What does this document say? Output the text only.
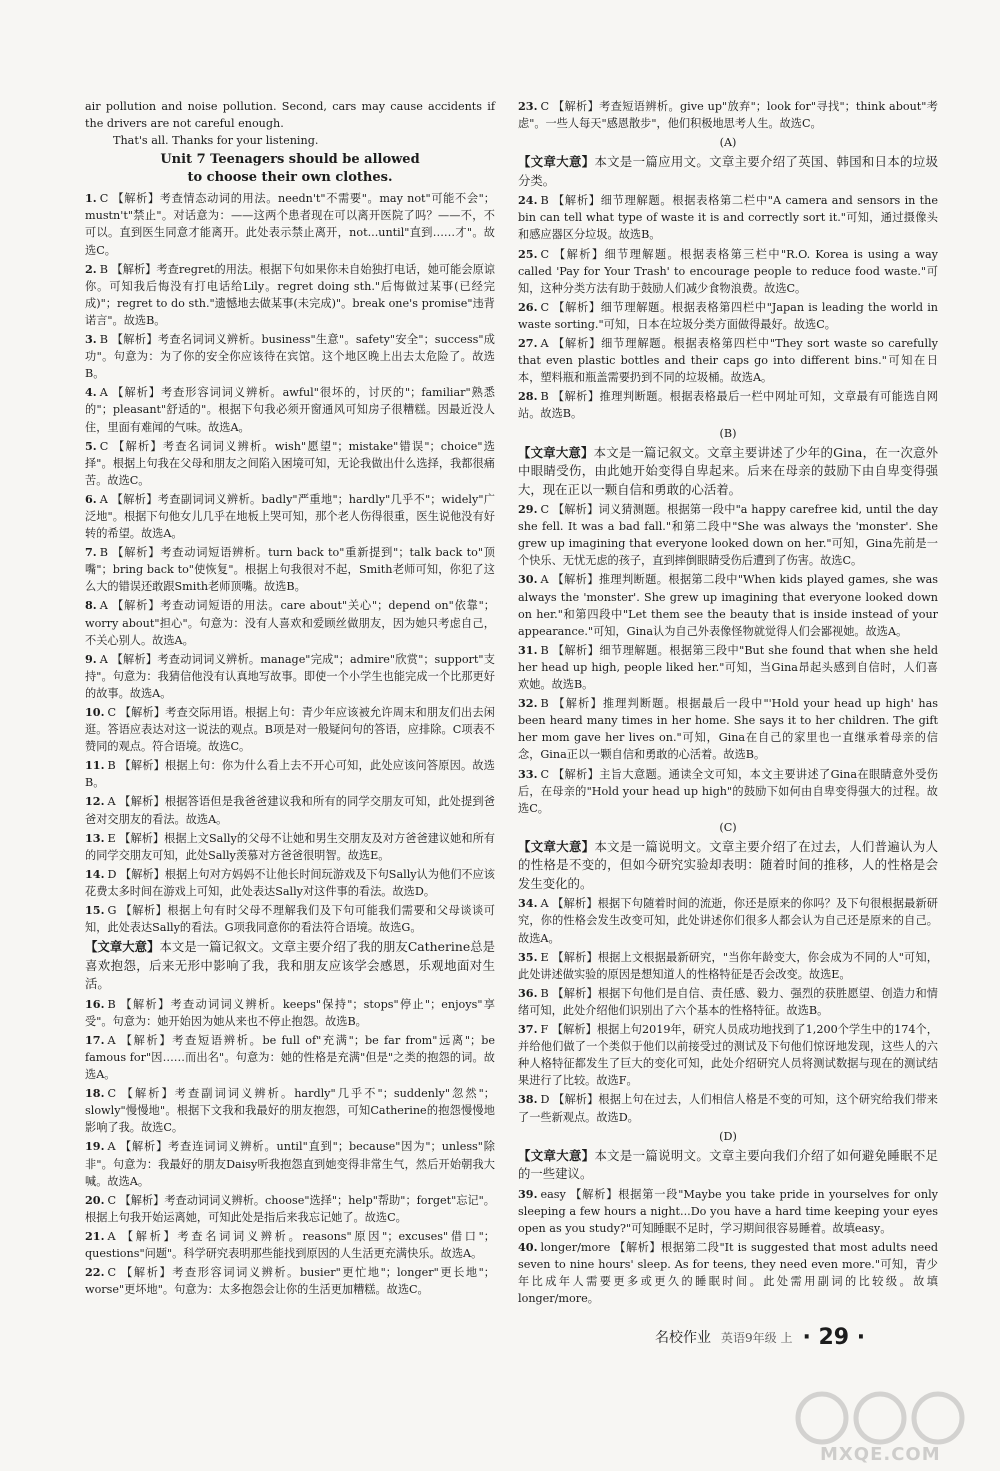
air pollution and noise pollution. Second, cars may cause accidents if the drivers are not careful enough.

That's all. Thanks for your listening.

Unit 7 Teenagers should be allowed
to choose their own clothes.
1. C 【解析】考查情态动词的用法。needn't"不需要"。may not"可能不会"；mustn't"禁止"。对话意为：——这两个患者现在可以离开医院了吗？——不，不可以。直到医生同意才能离开。此处表示禁止离开，not...until"直到……才"。故选C。
2. B 【解析】考查regret的用法。根据下句如果你未自始独打电话，她可能会原谅你。可知我后悔没有打电话给Lily。regret doing sth."后悔做过某事(已经完成)"；regret to do sth."遗憾地去做某事(未完成)"。break one's promise"违背诺言"。故选B。
3. B 【解析】考查名词词义辨析。business"生意"。safety"安全"；success"成功"。句意为：为了你的安全你应该待在宾馆。这个地区晚上出去太危险了。故选B。
4. A 【解析】考查形容词词义辨析。awful"很坏的，讨厌的"；familiar"熟悉的"；pleasant"舒适的"。根据下句我必须开窗通风可知房子很糟糕。因最近没人住，里面有难闻的气味。故选A。
5. C 【解析】考查名词词义辨析。wish"愿望"；mistake"错误"；choice"选择"。根据上句我在父母和朋友之间陷入困境可知，无论我做出什么选择，我都很痛苦。故选C。
6. A 【解析】考查副词词义辨析。badly"严重地"；hardly"几乎不"；widely"广泛地"。根据下句他女儿几乎在地板上哭可知，那个老人伤得很重，医生说他没有好转的希望。故选A。
7. B 【解析】考查动词短语辨析。turn back to"重新提到"；talk back to"顶嘴"；bring back to"使恢复"。根据上句我很对不起，Smith老师可知，你犯了这么大的错误还敢跟Smith老师顶嘴。故选B。
8. A 【解析】考查动词短语的用法。care about"关心"；depend on"依靠"；worry about"担心"。句意为：没有人喜欢和爱顾丝做朋友，因为她只考虑自己，不关心别人。故选A。
9. A 【解析】考查动词词义辨析。manage"完成"；admire"欣赏"；support"支持"。句意为：我猜信他没有认真地写故事。即使一个小学生也能完成一个比那更好的故事。故选A。
10. C 【解析】考查交际用语。根据上句：青少年应该被允许周末和朋友们出去闲逛。答语应表达对这一说法的观点。B项是对一般疑问句的答语，应排除。C项表不赞同的观点。符合语境。故选C。
11. B 【解析】根据上句：你为什么看上去不开心可知，此处应该问答原因。故选B。
12. A 【解析】根据答语但是我爸爸建议我和所有的同学交朋友可知，此处提到爸爸对交朋友的看法。故选A。
13. E 【解析】根据上文Sally的父母不让她和男生交朋友及对方爸爸建议她和所有的同学交朋友可知，此处Sally羡慕对方爸爸很明智。故选E。
14. D 【解析】根据上句对方妈妈不让他长时间玩游戏及下句Sally认为他们不应该花费太多时间在游戏上可知，此处表达Sally对这件事的看法。故选D。
15. G 【解析】根据上句有时父母不理解我们及下句可能我们需要和父母谈谈可知，此处表达Sally的看法。G项我同意你的看法符合语境。故选G。
【文章大意】本文是一篇记叙文。文章主要介绍了我的朋友Catherine总是喜欢抱怨，后来无形中影响了我，我和朋友应该学会感恩，乐观地面对生活。
16. B 【解析】考查动词词义辨析。keeps"保持"；stops"停止"；enjoys"享受"。句意为：她开始因为她从来也不停止抱怨。故选B。
17. A 【解析】考查短语辨析。be full of"充满"；be far from"远离"；be famous for"因……而出名"。句意为：她的性格是充满"但是"之类的抱怨的词。故选A。
18. C 【解析】考查副词词义辨析。hardly"几乎不"；suddenly"忽然"；slowly"慢慢地"。根据下文我和我最好的朋友抱怨，可知Catherine的抱怨慢慢地影响了我。故选C。
19. A 【解析】考查连词词义辨析。until"直到"；because"因为"；unless"除非"。句意为：我最好的朋友Daisy听我抱怨直到她变得非常生气，然后开始朝我大喊。故选A。
20. C 【解析】考查动词词义辨析。choose"选择"；help"帮助"；forget"忘记"。根据上句我开始运离她，可知此处是指后来我忘记她了。故选C。
21. A 【解析】考查名词词义辨析。reasons"原因"；excuses"借口"；questions"问题"。科学研究表明那些能找到原因的人生活更充满快乐。故选A。
22. C 【解析】考查形容词词义辨析。busier"更忙地"；longer"更长地"；worse"更坏地"。句意为：太多抱怨会让你的生活更加糟糕。故选C。
23. C 【解析】考查短语辨析。give up"放弃"；look for"寻找"；think about"考虑"。一些人每天"感恩散步"，他们积极地思考人生。故选C。
(A)
【文章大意】本文是一篇应用文。文章主要介绍了英国、韩国和日本的垃圾分类。
24. B 【解析】细节理解题。根据表格第二栏中"A camera and sensors in the bin can tell what type of waste it is and correctly sort it."可知，通过摄像头和感应器区分垃圾。故选B。
25. C 【解析】细节理解题。根据表格第三栏中"R.O. Korea is using a way called 'Pay for Your Trash' to encourage people to reduce food waste."可知，这种分类方法有助于鼓励人们减少食物浪费。故选C。
26. C 【解析】细节理解题。根据表格第四栏中"Japan is leading the world in waste sorting."可知，日本在垃圾分类方面做得最好。故选C。
27. A 【解析】细节理解题。根据表格第四栏中"They sort waste so carefully that even plastic bottles and their caps go into different bins."可知在日本，塑料瓶和瓶盖需要扔到不同的垃圾桶。故选A。
28. B 【解析】推理判断题。根据表格最后一栏中网址可知，文章最有可能选自网站。故选B。
(B)
【文章大意】本文是一篇记叙文。文章主要讲述了少年的Gina，在一次意外中眼睛受伤，由此她开始变得自卑起来。后来在母亲的鼓励下由自卑变得强大，现在正以一颗自信和勇敢的心活着。
29. C 【解析】词义猜测题。根据第一段中"a happy carefree kid, until the day she fell. It was a bad fall."和第二段中"She was always the 'monster'. She grew up imagining that everyone looked down on her."可知，Gina先前是一个快乐、无忧无虑的孩子，直到摔倒眼睛受伤后遭到了伤害。故选C。
30. A 【解析】推理判断题。根据第二段中"When kids played games, she was always the 'monster'. She grew up imagining that everyone looked down on her."和第四段中"Let them see the beauty that is inside instead of your appearance."可知，Gina认为自己外表像怪物就觉得人们会鄙视她。故选A。
31. B 【解析】细节理解题。根据第三段中"But she found that when she held her head up high, people liked her."可知，当Gina昂起头感到自信时，人们喜欢她。故选B。
32. B 【解析】推理判断题。根据最后一段中"'Hold your head up high' has been heard many times in her home. She says it to her children. The gift her mom gave her lives on."可知，Gina在自己的家里也一直继承着母亲的信念，Gina正以一颗自信和勇敢的心活着。故选B。
33. C 【解析】主旨大意题。通读全文可知，本文主要讲述了Gina在眼睛意外受伤后，在母亲的"Hold your head up high"的鼓励下如何由自卑变得强大的过程。故选C。
(C)
【文章大意】本文是一篇说明文。文章主要介绍了在过去，人们普遍认为人的性格是不变的，但如今研究实验却表明：随着时间的推移，人的性格是会发生变化的。
34. A 【解析】根据下句随着时间的流逝，你还是原来的你吗？及下句很根据最新研究，你的性格会发生改变可知，此处讲述你们很多人都会认为自己还是原来的自己。故选A。
35. E 【解析】根据上文根据最新研究，"当你年龄变大，你会成为不同的人"可知，此处讲述做实验的原因是想知道人的性格特征是否会改变。故选E。
36. B 【解析】根据下句他们是自信、责任感、毅力、强烈的获胜愿望、创造力和情绪可知，此处介绍他们识别出了六个基本的性格特征。故选B。
37. F 【解析】根据上句2019年，研究人员成功地找到了1,200个学生中的174个，并给他们做了一个类似于他们以前接受过的测试及下句他们惊讶地发现，这些人的六种人格特征都发生了巨大的变化可知，此处介绍研究人员将测试数据与现在的测试结果进行了比较。故选F。
38. D 【解析】根据上句在过去，人们相信人格是不变的可知，这个研究给我们带来了一些新观点。故选D。
(D)
【文章大意】本文是一篇说明文。文章主要向我们介绍了如何避免睡眠不足的一些建议。
39. easy 【解析】根据第一段"Maybe you take pride in yourselves for only sleeping a few hours a night...Do you have a hard time keeping your eyes open as you study?"可知睡眠不足时，学习期间很容易睡着。故填easy。
40. longer/more 【解析】根据第二段"It is suggested that most adults need seven to nine hours' sleep. As for teens, they need even more."可知，青少年比成年人需要更多或更久的睡眠时间。此处需用副词的比较级。故填longer/more。
名校作业 英语9年级 上 · 29 ·
MXQE.COM
